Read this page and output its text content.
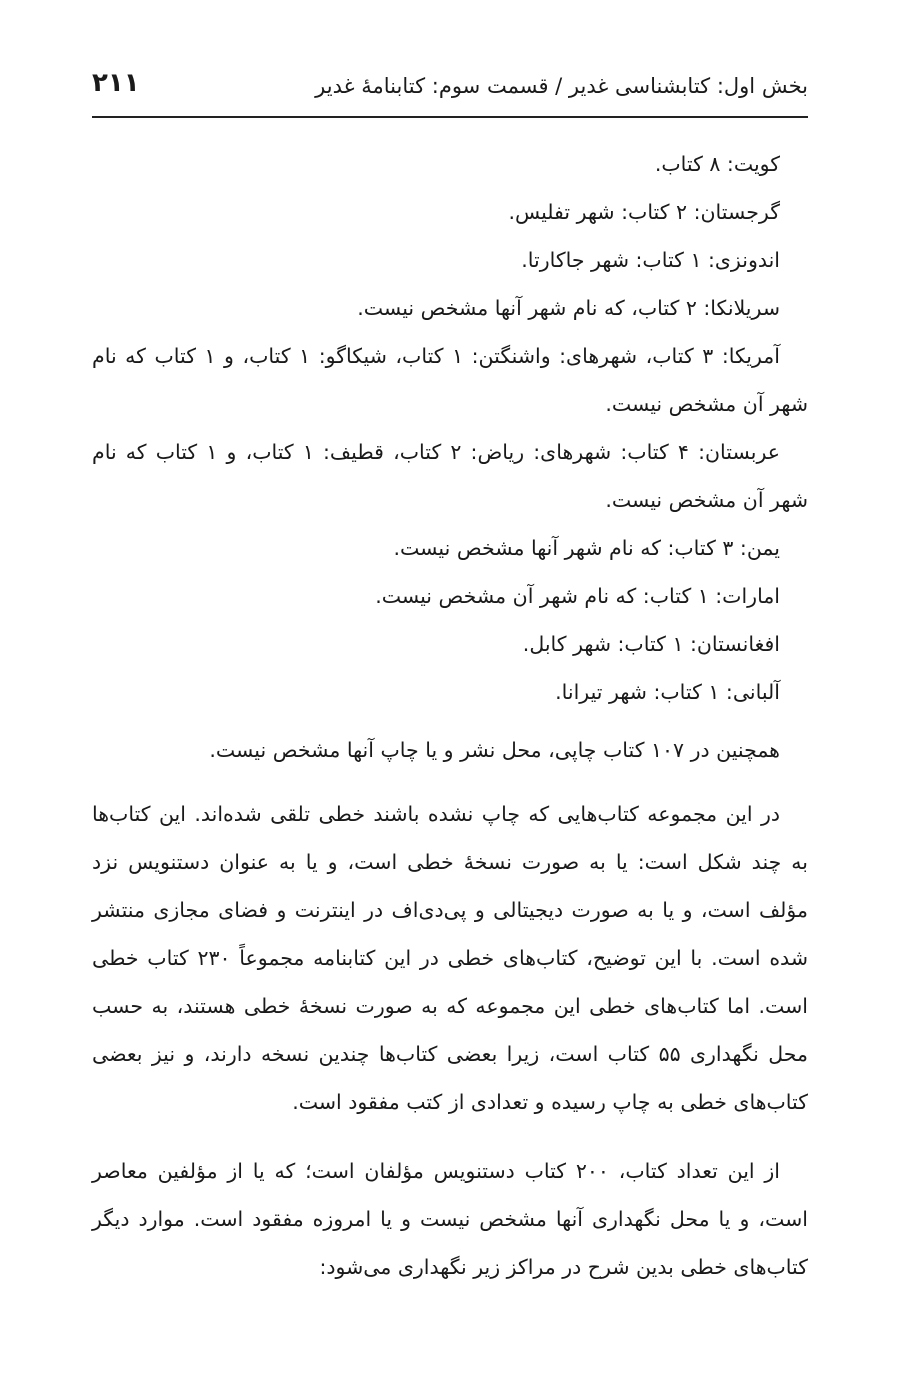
بخش اول: کتابشناسی غدیر / قسمت سوم: کتابنامهٔ غدیر
۲۱۱
کویت: ۸ کتاب.
گرجستان: ۲ کتاب: شهر تفلیس.
اندونزی: ۱ کتاب: شهر جاکارتا.
سریلانکا: ۲ کتاب، که نام شهر آنها مشخص نیست.
آمریکا: ۳ کتاب، شهرهای: واشنگتن: ۱ کتاب، شیکاگو: ۱ کتاب، و ۱ کتاب که نام شهر آن مشخص نیست.
عربستان: ۴ کتاب: شهرهای: ریاض: ۲ کتاب، قطیف: ۱ کتاب، و ۱ کتاب که نام شهر آن مشخص نیست.
یمن: ۳ کتاب: که نام شهر آنها مشخص نیست.
امارات: ۱ کتاب: که نام شهر آن مشخص نیست.
افغانستان: ۱ کتاب: شهر کابل.
آلبانی: ۱ کتاب: شهر تیرانا.
همچنین در ۱۰۷ کتاب چاپی، محل نشر و یا چاپ آنها مشخص نیست.

در این مجموعه کتاب‌هایی که چاپ نشده باشند خطی تلقی شده‌اند. این کتاب‌ها به چند شکل است: یا به صورت نسخهٔ خطی است، و یا به عنوان دستنویس نزد مؤلف است، و یا به صورت دیجیتالی و پی‌دی‌اف در اینترنت و فضای مجازی منتشر شده است. با این توضیح، کتاب‌های خطی در این کتابنامه مجموعاً ۲۳۰ کتاب خطی است. اما کتاب‌های خطی این مجموعه که به صورت نسخهٔ خطی هستند، به حسب محل نگهداری ۵۵ کتاب است، زیرا بعضی کتاب‌ها چندین نسخه دارند، و نیز بعضی کتاب‌های خطی به چاپ رسیده و تعدادی از کتب مفقود است.

از این تعداد کتاب، ۲۰۰ کتاب دستنویس مؤلفان است؛ که یا از مؤلفین معاصر است، و یا محل نگهداری آنها مشخص نیست و یا امروزه مفقود است. موارد دیگر کتاب‌های خطی بدین شرح در مراکز زیر نگهداری می‌شود:
